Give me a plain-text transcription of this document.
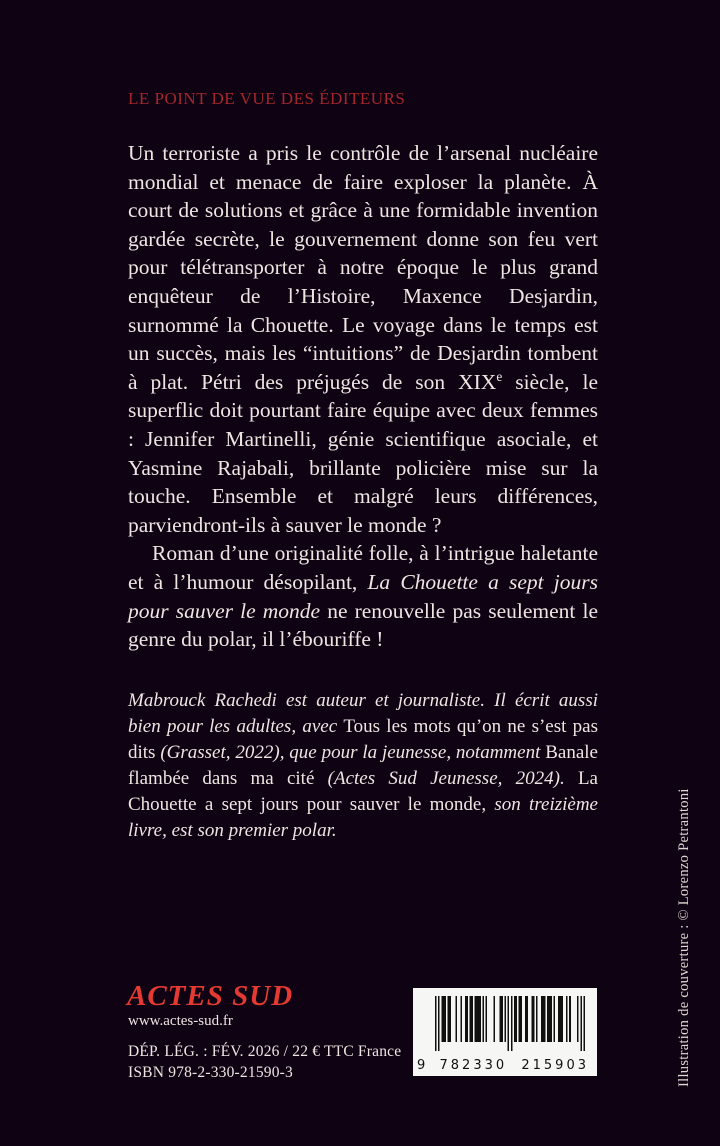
LE POINT DE VUE DES ÉDITEURS

Un terroriste a pris le contrôle de l’arsenal nucléaire mondial et menace de faire exploser la planète. À court de solutions et grâce à une formidable invention gardée secrète, le gouvernement donne son feu vert pour télétransporter à notre époque le plus grand enquêteur de l’Histoire, Maxence Desjardin, surnommé la Chouette. Le voyage dans le temps est un succès, mais les “intuitions” de Desjardin tombent à plat. Pétri des préjugés de son XIXe siècle, le superflic doit pourtant faire équipe avec deux femmes : Jennifer Martinelli, génie scientifique asociale, et Yasmine Rajabali, brillante policière mise sur la touche. Ensemble et malgré leurs différences, parviendront-ils à sauver le monde ?

Roman d’une originalité folle, à l’intrigue haletante et à l’humour désopilant, La Chouette a sept jours pour sauver le monde ne renouvelle pas seulement le genre du polar, il l’ébouriffe !

Mabrouck Rachedi est auteur et journaliste. Il écrit aussi bien pour les adultes, avec Tous les mots qu’on ne s’est pas dits (Grasset, 2022), que pour la jeunesse, notamment Banale flambée dans ma cité (Actes Sud Jeunesse, 2024). La Chouette a sept jours pour sauver le monde, son treizième livre, est son premier polar.
ACTES SUD
www.actes-sud.fr
DÉP. LÉG. : FÉV. 2026 / 22 € TTC France
ISBN 978-2-330-21590-3	9 782330 215903	Illustration de couverture : © Lorenzo Petrantoni
